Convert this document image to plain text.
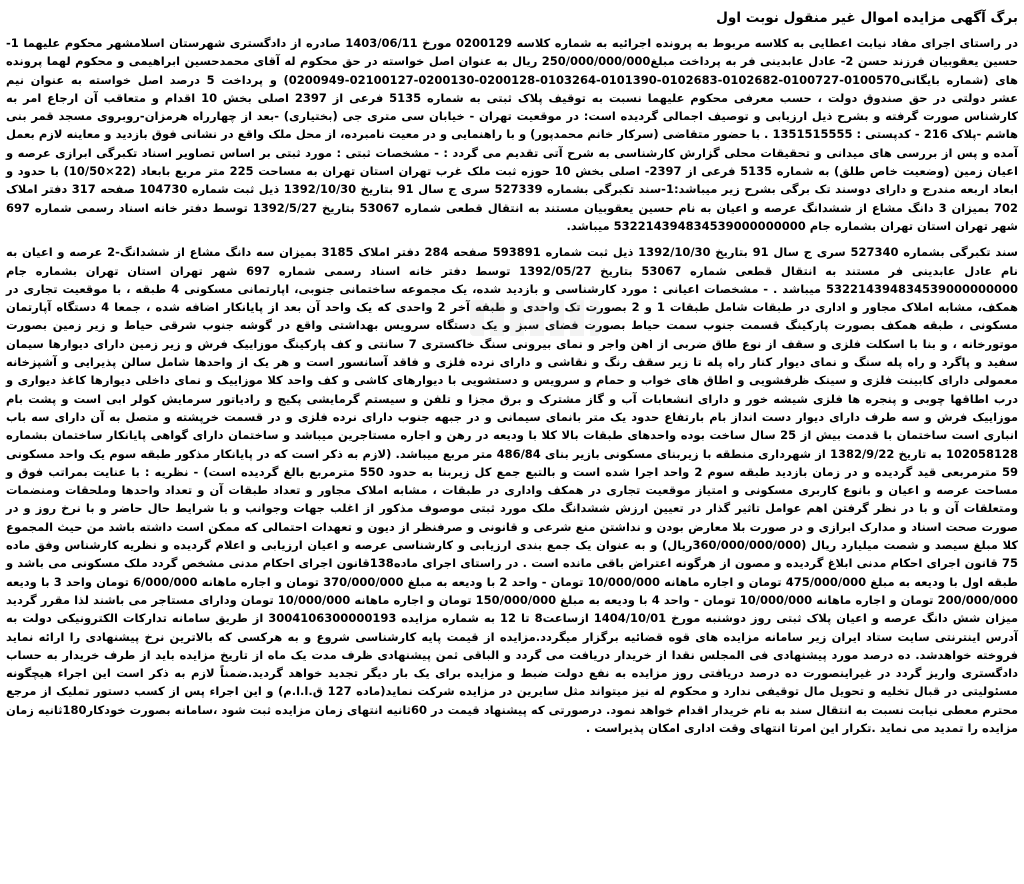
برگ آگهی مزایده اموال غیر منقول نوبت اول

در راستای اجرای مفاد نیابت اعطایی به کلاسه مربوط به پرونده اجرائیه به شماره کلاسه 0200129 مورخ 1403/06/11 صادره از دادگستری شهرستان اسلامشهر محکوم علیهما 1-حسین یعقوبیان فرزند حسن 2- عادل عابدینی فر به پرداخت مبلغ250/000/000/000 ریال به عنوان اصل خواسته در حق محکوم له آقای محمدحسین ابراهیمی و محکوم لهما پرونده های (شماره بایگانی0100570-0100727-0102682-0102683-0101390-0103264-0200128-0200130-02100127-0200949) و پرداخت 5 درصد اصل خواسته به عنوان نیم عشر دولتی در حق صندوق دولت ، حسب معرفی محکوم علیهما نسبت به توقیف پلاک ثبتی به شماره 5135 فرعی از 2397 اصلی بخش 10 اقدام و متعاقب آن ارجاع امر به کارشناس صورت گرفته و بشرح ذیل ارزیابی و توصیف اجمالی گردیده است: در موقعیت تهران - خیابان سی متری جی (بختیاری) -بعد از چهارراه هرمزان-روبروی مسجد قمر بنی هاشم -پلاک 216 - کدپستی : 1351515555 . با حضور متقاضی (سرکار خانم محمدپور) و با راهنمایی و در معیت نامبرده، از محل ملک واقع در نشانی فوق بازدید و معاینه لازم بعمل آمده و پس از بررسی های میدانی و تحقیقات محلی گزارش کارشناسی به شرح آتی تقدیم می گردد : - مشخصات ثبتی : مورد ثبتی بر اساس تصاویر اسناد تکبرگی ابرازی عرصه و اعیان زمین (وضعیت خاص طلق) به شماره 5135 فرعی از 2397- اصلی بخش 10 حوزه ثبت ملک غرب تهران استان تهران به مساحت 225 متر مربع بابعاد (22×10/50) با حدود و ابعاد اربعه مندرج و دارای دوسند تک برگی بشرح زیر میباشد:1-سند تکبرگی بشماره 527339 سری ج سال 91 بتاریخ 1392/10/30 ذیل ثبت شماره 104730 صفحه 317 دفتر املاک 702 بمیزان 3 دانگ مشاع از ششدانگ عرصه و اعیان به نام حسین یعقوبیان مستند به انتقال قطعی شماره 53067 بتاریخ 1392/5/27 توسط دفتر خانه اسناد رسمی شماره 697 شهر تهران استان تهران بشماره جام 532214394834539000000000 میباشد.

سند تکبرگی بشماره 527340 سری ج سال 91 بتاریخ 1392/10/30 ذیل ثبت شماره 593891 صفحه 284 دفتر املاک 3185 بمیزان سه دانگ مشاع از ششدانگ-2 عرصه و اعیان به نام عادل عابدینی فر مستند به انتقال قطعی شماره 53067 بتاریخ 1392/05/27 توسط دفتر خانه اسناد رسمی شماره 697 شهر تهران استان تهران بشماره جام 532214394834539000000000 میباشد . - مشخصات اعیانی : مورد کارشناسی و بازدید شده، یک مجموعه ساختمانی جنوبی، اپارتمانی مسکونی 4 طبقه ، با موقعیت تجاری در همکف، مشابه املاک مجاور و اداری در طبقات شامل طبقات 1 و 2 بصورت تک واحدی و طبقه آخر 2 واحدی که یک واحد آن بعد از پایانکار اضافه شده ، جمعا 4 دستگاه آپارتمان مسکونی ، طبقه همکف بصورت پارکینگ قسمت جنوب سمت حیاط بصورت فضای سبز و یک دستگاه سرویس بهداشتی واقع در گوشه جنوب شرقی حیاط و زیر زمین بصورت موتورخانه ، و بنا با اسکلت فلزی و سقف از نوع طاق ضربی از اهن واجر و نمای بیرونی سنگ خاکستری 7 سانتی و کف پارکینگ موزاییک فرش و زیر زمین دارای دیوارها سیمان سفید و پاگرد و راه پله سنگ و نمای دیوار کنار راه پله تا زیر سقف رنگ و نقاشی و دارای نرده فلزی و فاقد آسانسور است و هر یک از واحدها شامل سالن پذیرایی و آشپزخانه معمولی دارای کابینت فلزی و سینک ظرفشویی و اطاق های خواب و حمام و سرویس و دستشویی با دیوارهای کاشی و کف واحد کلا موزاییک و نمای داخلی دیوارها کاغذ دیواری و درب اطاقها چوبی و پنجره ها فلزی شیشه خور و دارای انشعابات آب و گاز مشترک و برق مجزا و تلفن و سیستم گرمایشی پکیج و رادیاتور سرمایش کولر ابی است و پشت بام موزاییک فرش و سه طرف دارای دیوار دست انداز بام بارتفاع حدود یک متر بانمای سیمانی و در جبهه جنوب دارای نرده فلزی و در قسمت خرپشته و متصل به آن دارای سه باب انباری است ساختمان با قدمت بیش از 25 سال ساخت بوده واحدهای طبقات بالا کلا با ودیعه در رهن و اجاره مستاجرین میباشد و ساختمان دارای گواهی پایانکار ساختمان بشماره 102058128 به تاریخ 1382/9/22 از شهرداری منطقه با زیربنای مسکونی بازیر بنای 486/84 متر مربع میباشد. (لازم به ذکر است که در پایانکار مذکور طبقه سوم یک واحد مسکونی 59 مترمربعی قید گردیده و در زمان بازدید طبقه سوم 2 واحد اجرا شده است و بالتبع جمع کل زیربنا به حدود 550 مترمربع بالغ گردیده است) - نظریه : با عنایت بمراتب فوق و مساحت عرصه و اعیان و بانوع کاربری مسکونی و امتیاز موقعیت تجاری در همکف واداری در طبقات ، مشابه املاک مجاور و تعداد طبقات آن و تعداد واحدها وملحقات ومنضمات ومتعلقات آن و با در نظر گرفتن اهم عوامل تاثیر گذار در تعیین ارزش ششدانگ ملک مورد ثبتی موصوف مذکور از اغلب جهات وجوانب و با شرایط حال حاضر و با نرخ روز و در صورت صحت اسناد و مدارک ابرازی و در صورت بلا معارض بودن و نداشتن منع شرعی و قانونی و صرفنظر از دیون و تعهدات احتمالی که ممکن است داشته باشد من حیث المجموع کلا مبلغ سیصد و شصت میلیارد ریال (360/000/000/000ریال) و به عنوان یک جمع بندی ارزیابی و کارشناسی عرصه و اعیان ارزیابی و اعلام گردیده و نظریه کارشناس وفق ماده 75 قانون اجرای احکام مدنی ابلاغ گردیده و مصون از هرگونه اعتراض باقی مانده است . در راستای اجرای ماده138قانون اجرای احکام مدنی مشخص گردد ملک مسکونی می باشد و طبقه اول با ودیعه به مبلغ 475/000/000 تومان و اجاره ماهانه 10/000/000 تومان - واحد 2 با ودیعه به مبلغ 370/000/000 تومان و اجاره ماهانه 6/000/000 تومان واحد 3 با ودیعه 200/000/000 تومان و اجاره ماهانه 10/000/000 تومان - واحد 4 با ودیعه به مبلغ 150/000/000 تومان و اجاره ماهانه 10/000/000 تومان ودارای مستاجر می باشند لذا مقرر گردید میزان شش دانگ عرصه و اعیان پلاک ثبتی روز دوشنبه مورخ 1404/10/01 ازساعت8 تا 12 به شماره مزایده 3004106300000193 از طریق سامانه تدارکات الکترونیکی دولت به آدرس اینترنتی سایت ستاد ایران زیر سامانه مزایده های قوه قضائیه برگزار میگردد.مزایده از قیمت پایه کارشناسی شروع و به هرکسی که بالاترین نرخ پیشنهادی را ارائه نماید فروخته خواهدشد. ده درصد مورد پیشنهادی فی المجلس نقدا از خریدار دریافت می گردد و الباقی ثمن پیشنهادی ظرف مدت یک ماه از تاریخ مزایده باید از طرف خریدار به حساب دادگستری واریز گردد در غیراینصورت ده درصد دریافتی روز مزایده به نفع دولت ضبط و مزایده برای یک بار دیگر تجدید خواهد گردید.ضمناً لازم به ذکر است این اجراء هیچگونه مسئولیتی در قبال تخلیه و تحویل مال توقیفی ندارد و محکوم له نیز میتواند مثل سایرین در مزایده شرکت نماید(ماده 127 ق.ا.ا.م) و این اجراء پس از کسب دستور تملیک از مرجع محترم معطی نیابت نسبت به انتقال سند به نام خریدار اقدام خواهد نمود. درصورتی که پیشنهاد قیمت در 60ثانیه انتهای زمان مزایده ثبت شود ،سامانه بصورت خودکار180ثانیه زمان مزایده را تمدید می نماید .تکرار این امرتا انتهای وقت اداری امکان پذیراست .
